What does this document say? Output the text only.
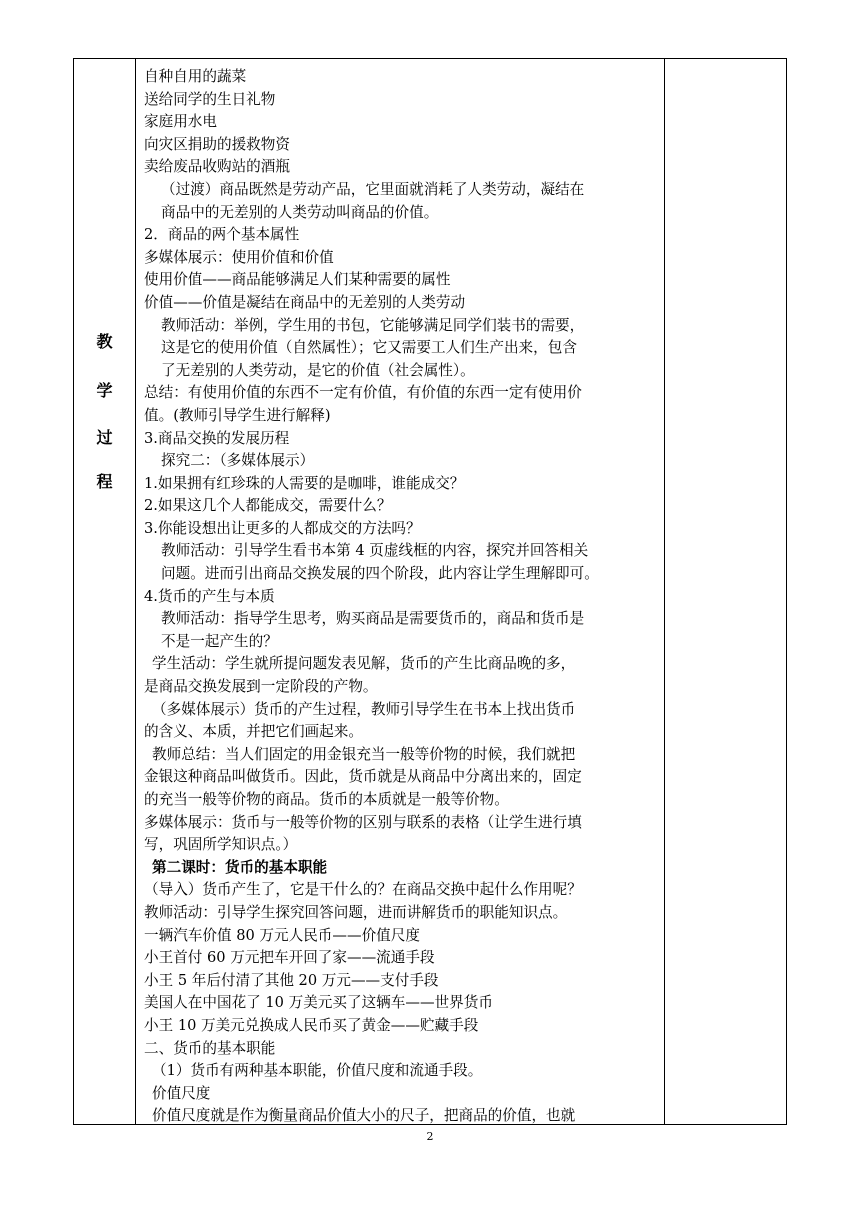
教
学
过
程
自种自用的蔬菜
送给同学的生日礼物
家庭用水电
向灾区捐助的援救物资
卖给废品收购站的酒瓶
（过渡）商品既然是劳动产品，它里面就消耗了人类劳动，凝结在
商品中的无差别的人类劳动叫商品的价值。
2．商品的两个基本属性
多媒体展示：使用价值和价值
使用价值——商品能够满足人们某种需要的属性
价值——价值是凝结在商品中的无差别的人类劳动
教师活动：举例，学生用的书包，它能够满足同学们装书的需要，
这是它的使用价值（自然属性）；它又需要工人们生产出来，包含
了无差别的人类劳动，是它的价值（社会属性）。
总结：有使用价值的东西不一定有价值，有价值的东西一定有使用价
值。(教师引导学生进行解释)
3.商品交换的发展历程
探究二：（多媒体展示）
1.如果拥有红珍珠的人需要的是咖啡，谁能成交？
2.如果这几个人都能成交，需要什么？
3.你能设想出让更多的人都成交的方法吗？
教师活动：引导学生看书本第 4 页虚线框的内容，探究并回答相关
问题。进而引出商品交换发展的四个阶段，此内容让学生理解即可。
4.货币的产生与本质
教师活动：指导学生思考，购买商品是需要货币的，商品和货币是
不是一起产生的？
学生活动：学生就所提问题发表见解，货币的产生比商品晚的多，
是商品交换发展到一定阶段的产物。
（多媒体展示）货币的产生过程，教师引导学生在书本上找出货币
的含义、本质，并把它们画起来。
教师总结：当人们固定的用金银充当一般等价物的时候，我们就把
金银这种商品叫做货币。因此，货币就是从商品中分离出来的，固定
的充当一般等价物的商品。货币的本质就是一般等价物。
多媒体展示：货币与一般等价物的区别与联系的表格（让学生进行填
写，巩固所学知识点。）
第二课时：货币的基本职能
（导入）货币产生了，它是干什么的？在商品交换中起什么作用呢？
教师活动：引导学生探究回答问题，进而讲解货币的职能知识点。
一辆汽车价值 80 万元人民币——价值尺度
小王首付 60 万元把车开回了家——流通手段
小王 5 年后付清了其他 20 万元——支付手段
美国人在中国花了 10 万美元买了这辆车——世界货币
小王 10 万美元兑换成人民币买了黄金——贮藏手段
二、货币的基本职能
（1）货币有两种基本职能，价值尺度和流通手段。
价值尺度
价值尺度就是作为衡量商品价值大小的尺子，把商品的价值，也就
2
